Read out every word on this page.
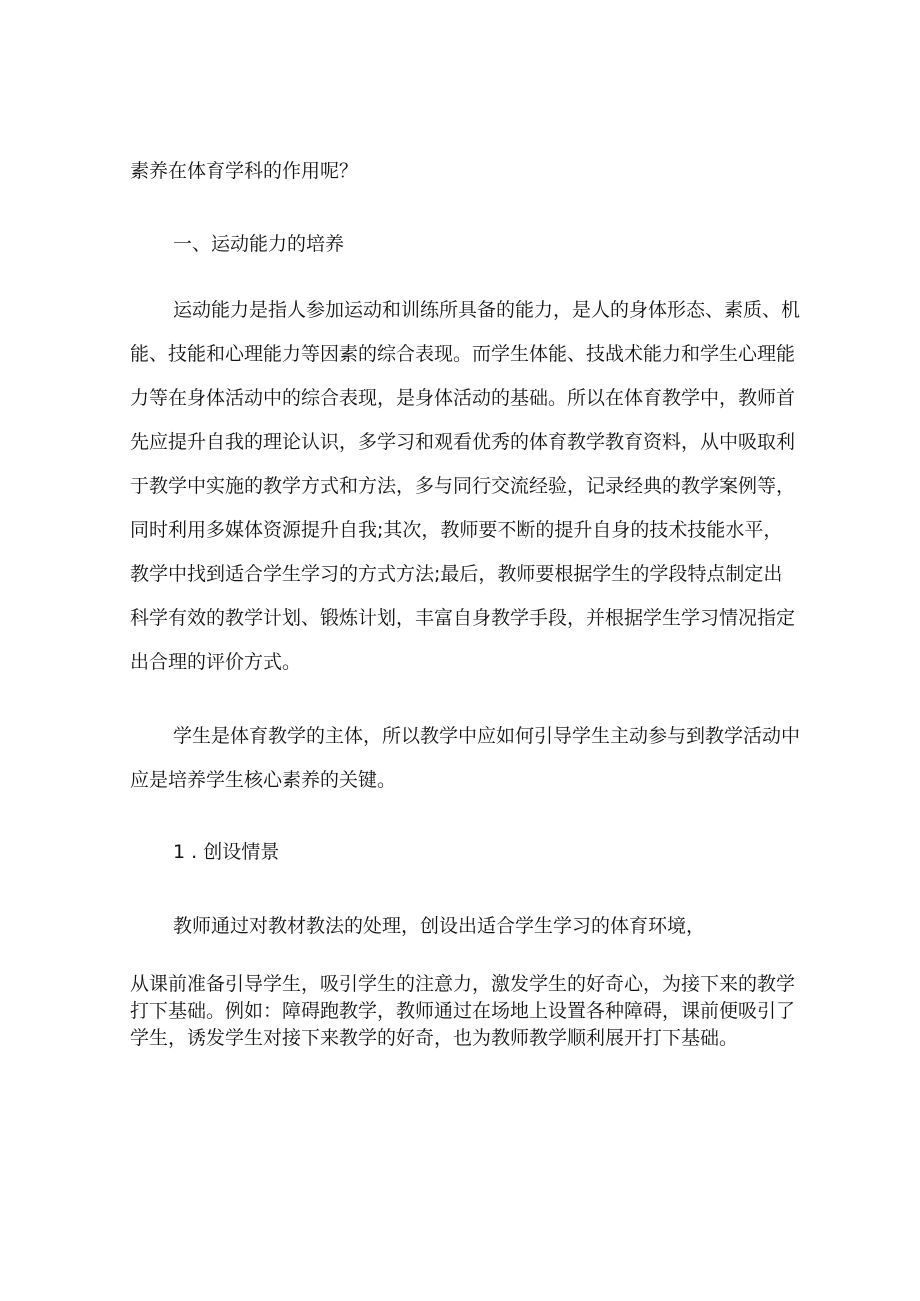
素养在体育学科的作用呢？
一、运动能力的培养
运动能力是指人参加运动和训练所具备的能力，是人的身体形态、素质、机
能、技能和心理能力等因素的综合表现。而学生体能、技战术能力和学生心理能
力等在身体活动中的综合表现，是身体活动的基础。所以在体育教学中，教师首
先应提升自我的理论认识，多学习和观看优秀的体育教学教育资料，从中吸取利
于教学中实施的教学方式和方法，多与同行交流经验，记录经典的教学案例等，
同时利用多媒体资源提升自我;其次，教师要不断的提升自身的技术技能水平，
教学中找到适合学生学习的方式方法;最后，教师要根据学生的学段特点制定出
科学有效的教学计划、锻炼计划，丰富自身教学手段，并根据学生学习情况指定
出合理的评价方式。
学生是体育教学的主体，所以教学中应如何引导学生主动参与到教学活动中
应是培养学生核心素养的关键。
1 . 创设情景
教师通过对教材教法的处理，创设出适合学生学习的体育环境，
从课前准备引导学生，吸引学生的注意力，激发学生的好奇心，为接下来的教学
打下基础。例如：障碍跑教学，教师通过在场地上设置各种障碍，课前便吸引了
学生，诱发学生对接下来教学的好奇，也为教师教学顺利展开打下基础。
